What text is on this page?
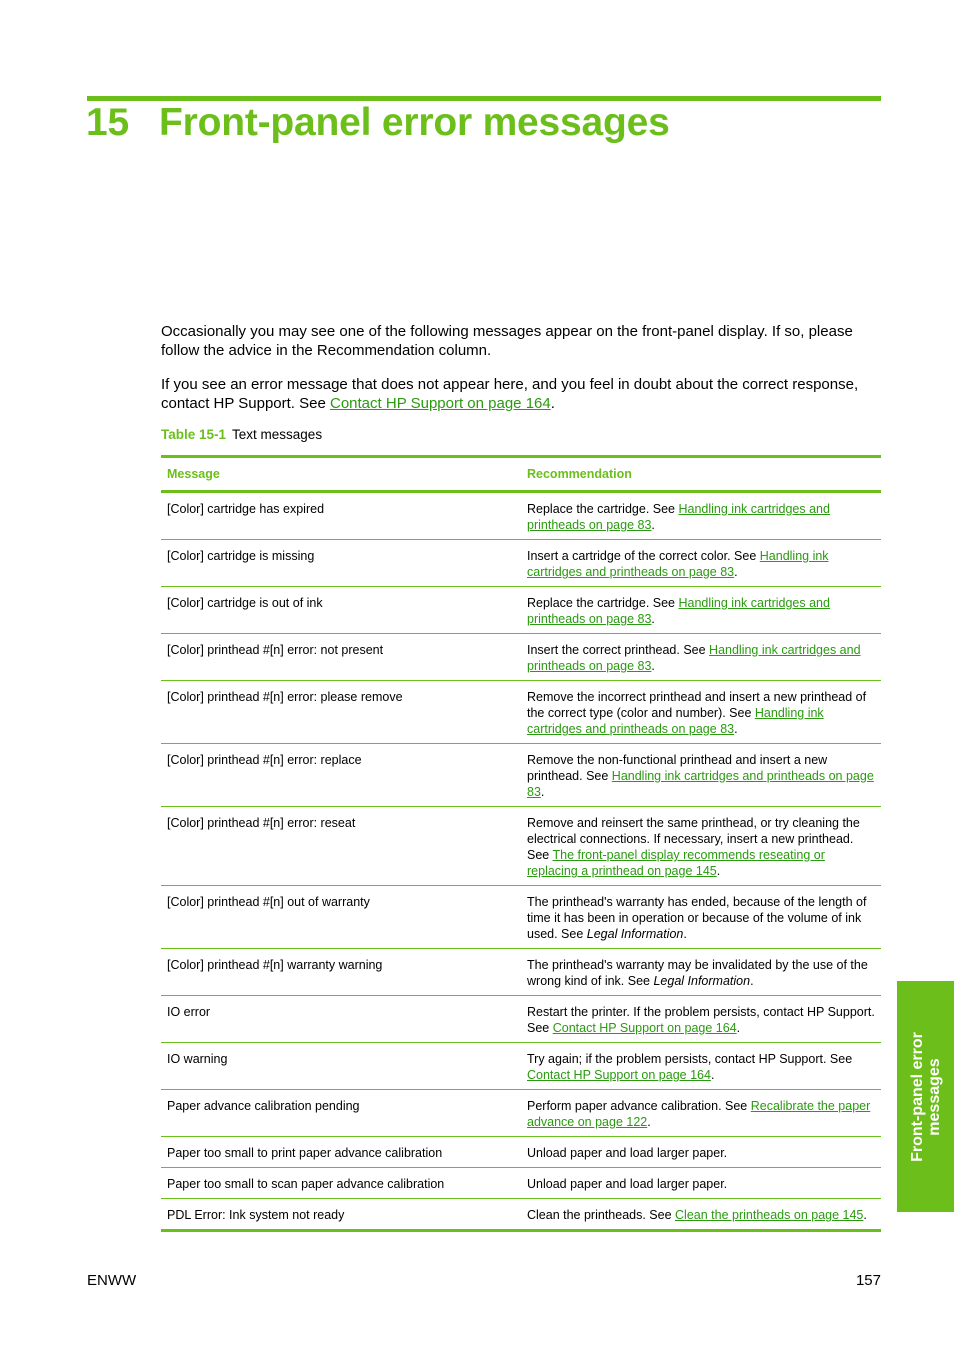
15 Front-panel error messages

Occasionally you may see one of the following messages appear on the front-panel display. If so, please follow the advice in the Recommendation column.

If you see an error message that does not appear here, and you feel in doubt about the correct response, contact HP Support. See Contact HP Support on page 164.

Table 15-1 Text messages
Message	Recommendation
[Color] cartridge has expired	Replace the cartridge. See Handling ink cartridges and printheads on page 83.
[Color] cartridge is missing	Insert a cartridge of the correct color. See Handling ink cartridges and printheads on page 83.
[Color] cartridge is out of ink	Replace the cartridge. See Handling ink cartridges and printheads on page 83.
[Color] printhead #[n] error: not present	Insert the correct printhead. See Handling ink cartridges and printheads on page 83.
[Color] printhead #[n] error: please remove	Remove the incorrect printhead and insert a new printhead of the correct type (color and number). See Handling ink cartridges and printheads on page 83.
[Color] printhead #[n] error: replace	Remove the non-functional printhead and insert a new printhead. See Handling ink cartridges and printheads on page 83.
[Color] printhead #[n] error: reseat	Remove and reinsert the same printhead, or try cleaning the electrical connections. If necessary, insert a new printhead. See The front-panel display recommends reseating or replacing a printhead on page 145.
[Color] printhead #[n] out of warranty	The printhead's warranty has ended, because of the length of time it has been in operation or because of the volume of ink used. See Legal Information.
[Color] printhead #[n] warranty warning	The printhead's warranty may be invalidated by the use of the wrong kind of ink. See Legal Information.
IO error	Restart the printer. If the problem persists, contact HP Support. See Contact HP Support on page 164.
IO warning	Try again; if the problem persists, contact HP Support. See Contact HP Support on page 164.
Paper advance calibration pending	Perform paper advance calibration. See Recalibrate the paper advance on page 122.
Paper too small to print paper advance calibration	Unload paper and load larger paper.
Paper too small to scan paper advance calibration	Unload paper and load larger paper.
PDL Error: Ink system not ready	Clean the printheads. See Clean the printheads on page 145.
Front-panel error messages
ENWW	157
